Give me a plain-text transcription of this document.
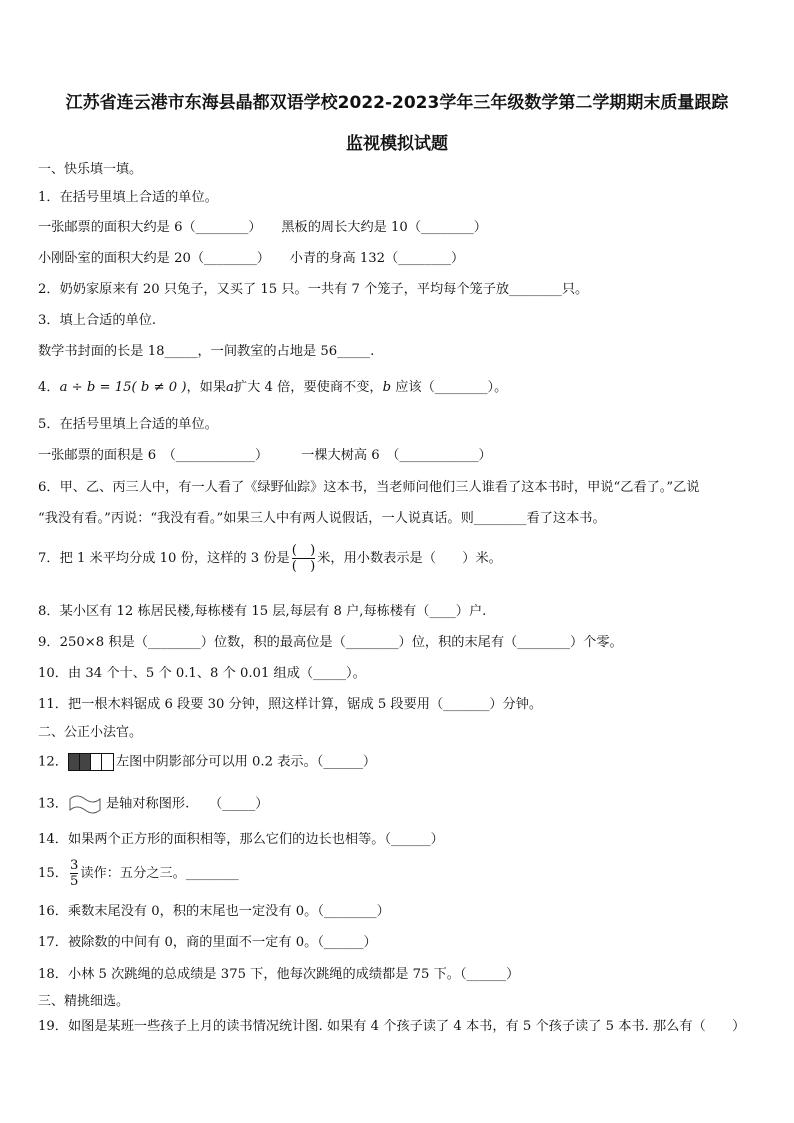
江苏省连云港市东海县晶都双语学校2022-2023学年三年级数学第二学期期末质量跟踪
监视模拟试题
一、快乐填一填。
1．在括号里填上合适的单位。
一张邮票的面积大约是 6（________）　　黑板的周长大约是 10（________）
小刚卧室的面积大约是 20（________）　　小青的身高 132（________）
2．奶奶家原来有 20 只兔子，又买了 15 只。一共有 7 个笼子，平均每个笼子放________只。
3．填上合适的单位.
数学书封面的长是 18_____，一间教室的占地是 56_____.
4．a ÷ b = 15( b ≠ 0 )，如果a扩大 4 倍，要使商不变，b 应该（________）。
5．在括号里填上合适的单位。
一张邮票的面积是 6　（____________）　　　一棵大树高 6　（____________）
6．甲、乙、丙三人中，有一人看了《绿野仙踪》这本书，当老师问他们三人谁看了这本书时，甲说“乙看了。”乙说
“我没有看。”丙说：“我没有看。”如果三人中有两人说假话，一人说真话。则________看了这本书。
7．把 1 米平均分成 10 份，这样的 3 份是 $\frac{( )}{( )}$ 米，用小数表示是（　　）米。
8．某小区有 12 栋居民楼,每栋楼有 15 层,每层有 8 户,每栋楼有（____）户.
9．250×8 积是（________）位数，积的最高位是（________）位，积的末尾有（________）个零。
10．由 34 个十、5 个 0.1、8 个 0.01 组成（_____）。
11．把一根木料锯成 6 段要 30 分钟，照这样计算，锯成 5 段要用（_______）分钟。
二、公正小法官。
12．	左图中阴影部分可以用 0.2 表示。（______）
13．	是轴对称图形.　　（_____）
14．如果两个正方形的面积相等，那么它们的边长也相等。（______）
15． $\frac{3}{5}$ 读作：五分之三。________
16．乘数末尾没有 0，积的末尾也一定没有 0。（________）
17．被除数的中间有 0，商的里面不一定有 0。（______）
18．小林 5 次跳绳的总成绩是 375 下，他每次跳绳的成绩都是 75 下。（______）
三、精挑细选。
19．如图是某班一些孩子上月的读书情况统计图. 如果有 4 个孩子读了 4 本书，有 5 个孩子读了 5 本书. 那么有（　　）
